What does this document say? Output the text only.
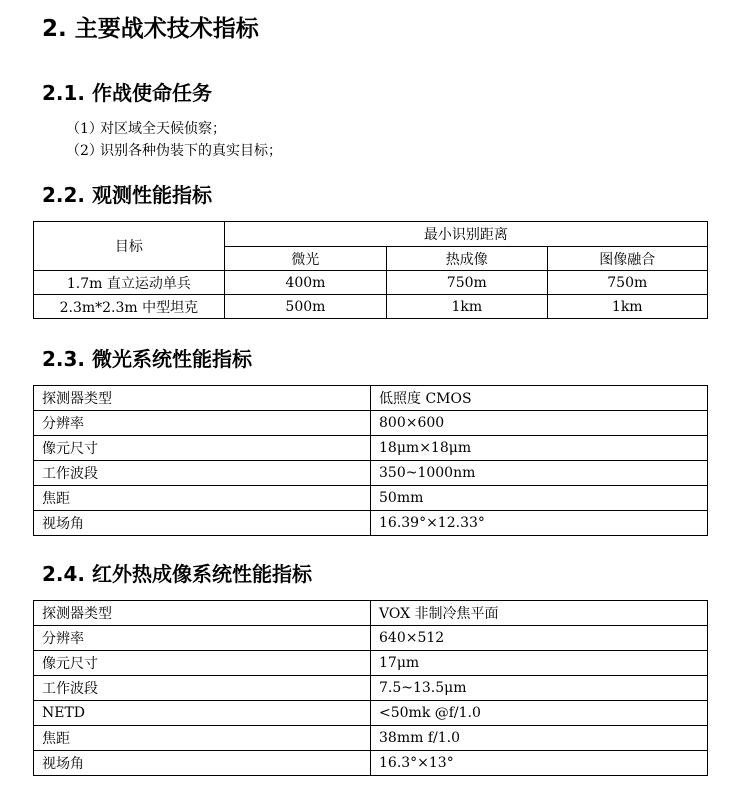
2. 主要战术技术指标
2.1. 作战使命任务
（1）对区域全天候侦察；
（2）识别各种伪装下的真实目标；
2.2. 观测性能指标
目标	最小识别距离		
	微光	热成像	图像融合
1.7m 直立运动单兵	400m	750m	750m
2.3m*2.3m 中型坦克	500m	1km	1km
2.3. 微光系统性能指标
探测器类型	低照度 CMOS
分辨率	800×600
像元尺寸	18μm×18μm
工作波段	350~1000nm
焦距	50mm
视场角	16.39°×12.33°
2.4. 红外热成像系统性能指标
探测器类型	VOX 非制冷焦平面
分辨率	640×512
像元尺寸	17μm
工作波段	7.5~13.5μm
NETD	<50mk @f/1.0
焦距	38mm f/1.0
视场角	16.3°×13°
